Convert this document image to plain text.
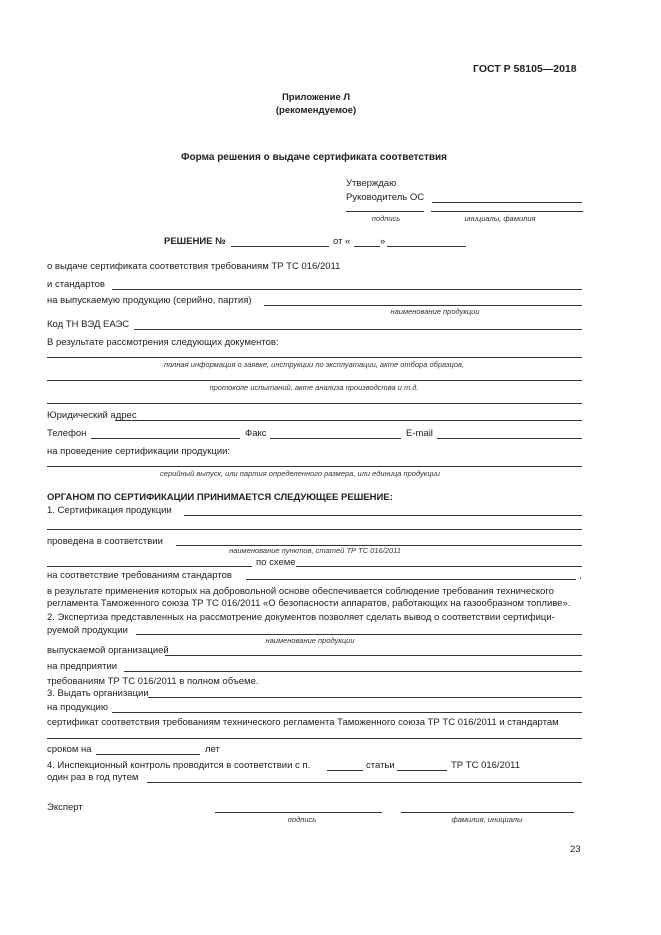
ГОСТ Р 58105—2018
Приложение Л
(рекомендуемое)
Форма решения о выдаче сертификата соответствия
Утверждаю
Руководитель ОС
подпись	инициалы, фамилия
РЕШЕНИЕ №	от «	»
о выдаче сертификата соответствия требованиям ТР ТС 016/2011
и стандартов
на выпускаемую продукцию (серийно, партия)
наименование продукции
Код ТН ВЭД ЕАЭС
В результате рассмотрения следующих документов:
полная информация о заявке, инструкции по эксплуатации, акте отбора образцов,
протоколе испытаний, акте анализа производства и т.д.
Юридический адрес
Телефон	Факс	E-mail
на проведение сертификации продукции:
серийный выпуск, или партия определенного размера, или единица продукции
ОРГАНОМ ПО СЕРТИФИКАЦИИ ПРИНИМАЕТСЯ СЛЕДУЮЩЕЕ РЕШЕНИЕ:
1. Сертификация продукции
проведена в соответствии
наименование пунктов, статей ТР ТС 016/2011
по схеме
на соответствие требованиям стандартов	,
в результате применения которых на добровольной основе обеспечивается соблюдение требования технического
регламента Таможенного союза ТР ТС 016/2011 «О безопасности аппаратов, работающих на газообразном топливе».
2. Экспертиза представленных на рассмотрение документов позволяет сделать вывод о соответствии сертифици-
руемой продукции
наименование продукции
выпускаемой организацией
на предприятии
требованиям ТР ТС 016/2011 в полном объеме.
3. Выдать организации
на продукцию
сертификат соответствия требованиям технического регламента Таможенного союза ТР ТС 016/2011 и стандартам
сроком на	лет
4. Инспекционный контроль проводится в соответствии с п.	статьи	ТР ТС 016/2011
один раз в год путем
Эксперт
подпись	фамилия, инициалы
23
